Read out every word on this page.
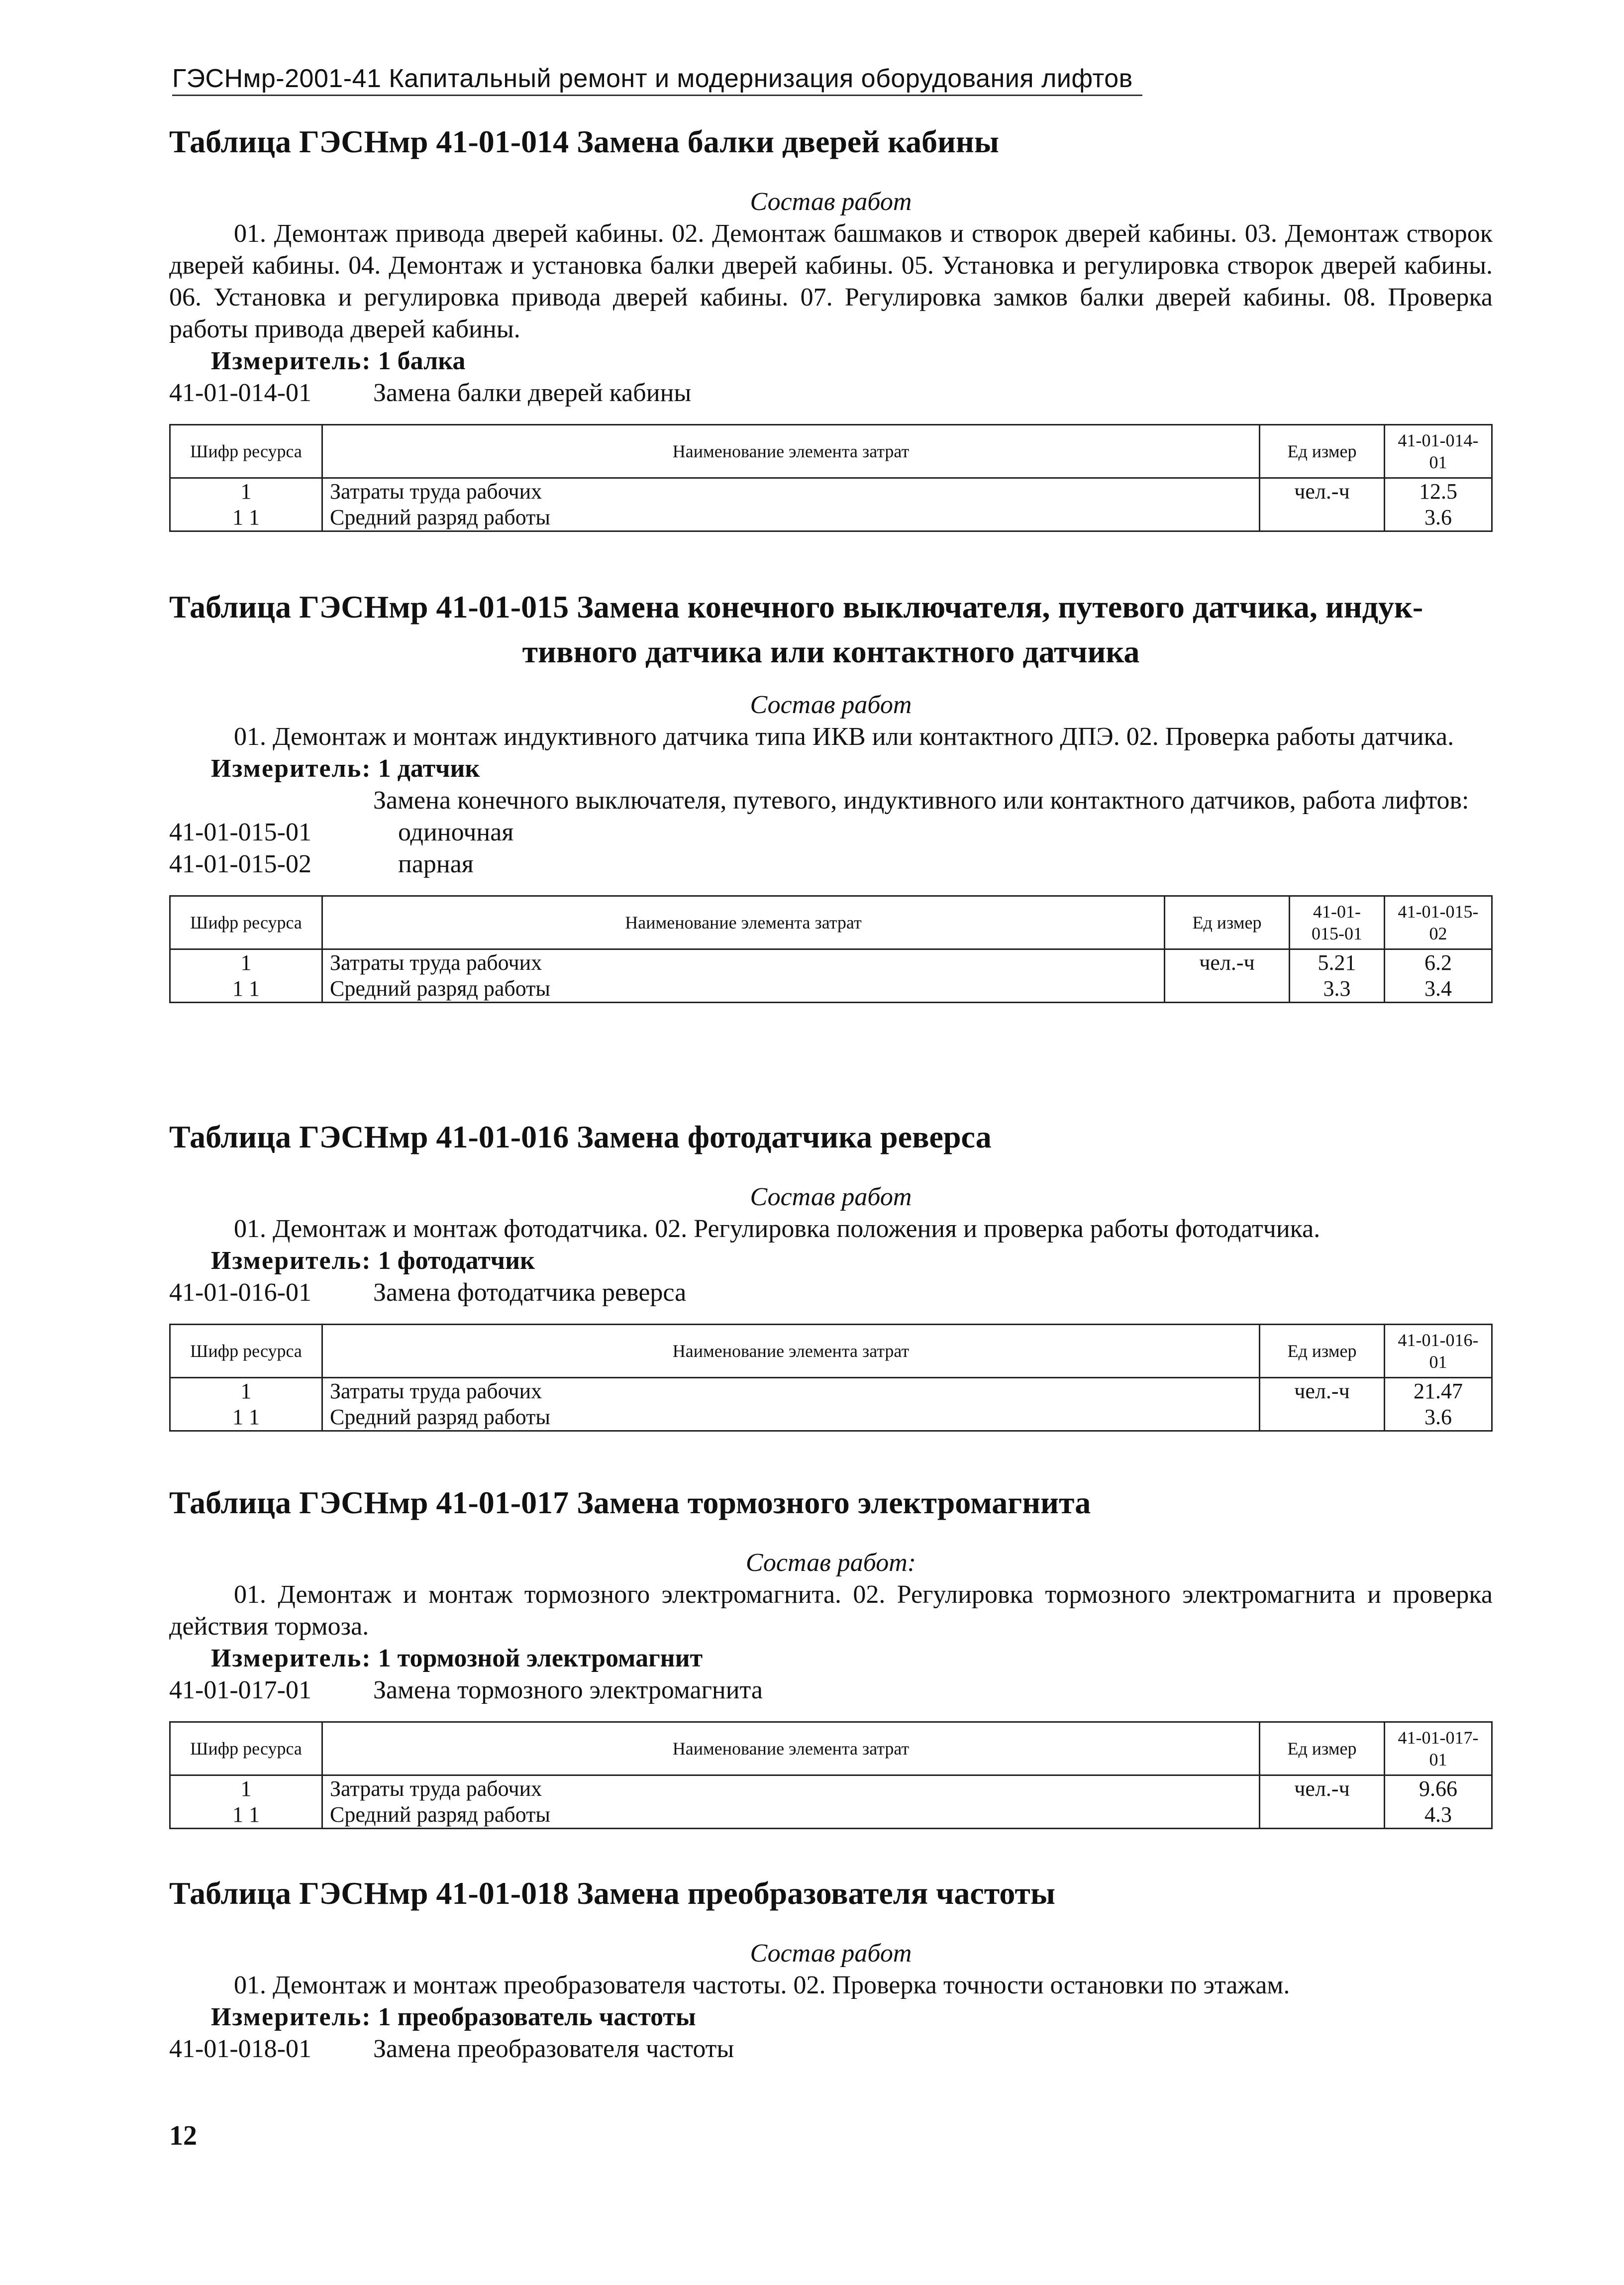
ГЭСНмр-2001-41 Капитальный ремонт и модернизация оборудования лифтов
Таблица ГЭСНмр 41-01-014 Замена балки дверей кабины
Состав работ

01. Демонтаж привода дверей кабины. 02. Демонтаж башмаков и створок дверей кабины. 03. Демонтаж створок дверей кабины. 04. Демонтаж и установка балки дверей кабины. 05. Установка и регулировка створок дверей кабины. 06. Установка и регулировка привода дверей кабины. 07. Регулировка замков балки дверей кабины. 08. Проверка работы привода дверей кабины.

Измеритель: 1 балка
41-01-014-01 Замена балки дверей кабины
Шифр ресурса	Наименование элемента затрат	Ед измер	41-01-014-01
1	Затраты труда рабочих	чел.-ч	12.5
1 1	Средний разряд работы		3.6
Таблица ГЭСНмр 41-01-015 Замена конечного выключателя, путевого датчика, индук-
тивного датчика или контактного датчика
Состав работ

01. Демонтаж и монтаж индуктивного датчика типа ИКВ или контактного ДПЭ. 02. Проверка работы датчика.

Измеритель: 1 датчик
Замена конечного выключателя, путевого, индуктивного или контактного датчиков, работа лифтов:
41-01-015-01	одиночная
41-01-015-02	парная
Шифр ресурса	Наименование элемента затрат	Ед измер	41-01-015-01	41-01-015-02
1	Затраты труда рабочих	чел.-ч	5.21	6.2
1 1	Средний разряд работы		3.3	3.4
Таблица ГЭСНмр 41-01-016 Замена фотодатчика реверса
Состав работ

01. Демонтаж и монтаж фотодатчика. 02. Регулировка положения и проверка работы фотодатчика.

Измеритель: 1 фотодатчик
41-01-016-01 Замена фотодатчика реверса
Шифр ресурса	Наименование элемента затрат	Ед измер	41-01-016-01
1	Затраты труда рабочих	чел.-ч	21.47
1 1	Средний разряд работы		3.6
Таблица ГЭСНмр 41-01-017 Замена тормозного электромагнита
Состав работ:

01. Демонтаж и монтаж тормозного электромагнита. 02. Регулировка тормозного электромагнита и проверка действия тормоза.

Измеритель: 1 тормозной электромагнит
41-01-017-01 Замена тормозного электромагнита
Шифр ресурса	Наименование элемента затрат	Ед измер	41-01-017-01
1	Затраты труда рабочих	чел.-ч	9.66
1 1	Средний разряд работы		4.3
Таблица ГЭСНмр 41-01-018 Замена преобразователя частоты
Состав работ

01. Демонтаж и монтаж преобразователя частоты. 02. Проверка точности остановки по этажам.

Измеритель: 1 преобразователь частоты
41-01-018-01 Замена преобразователя частоты
12
